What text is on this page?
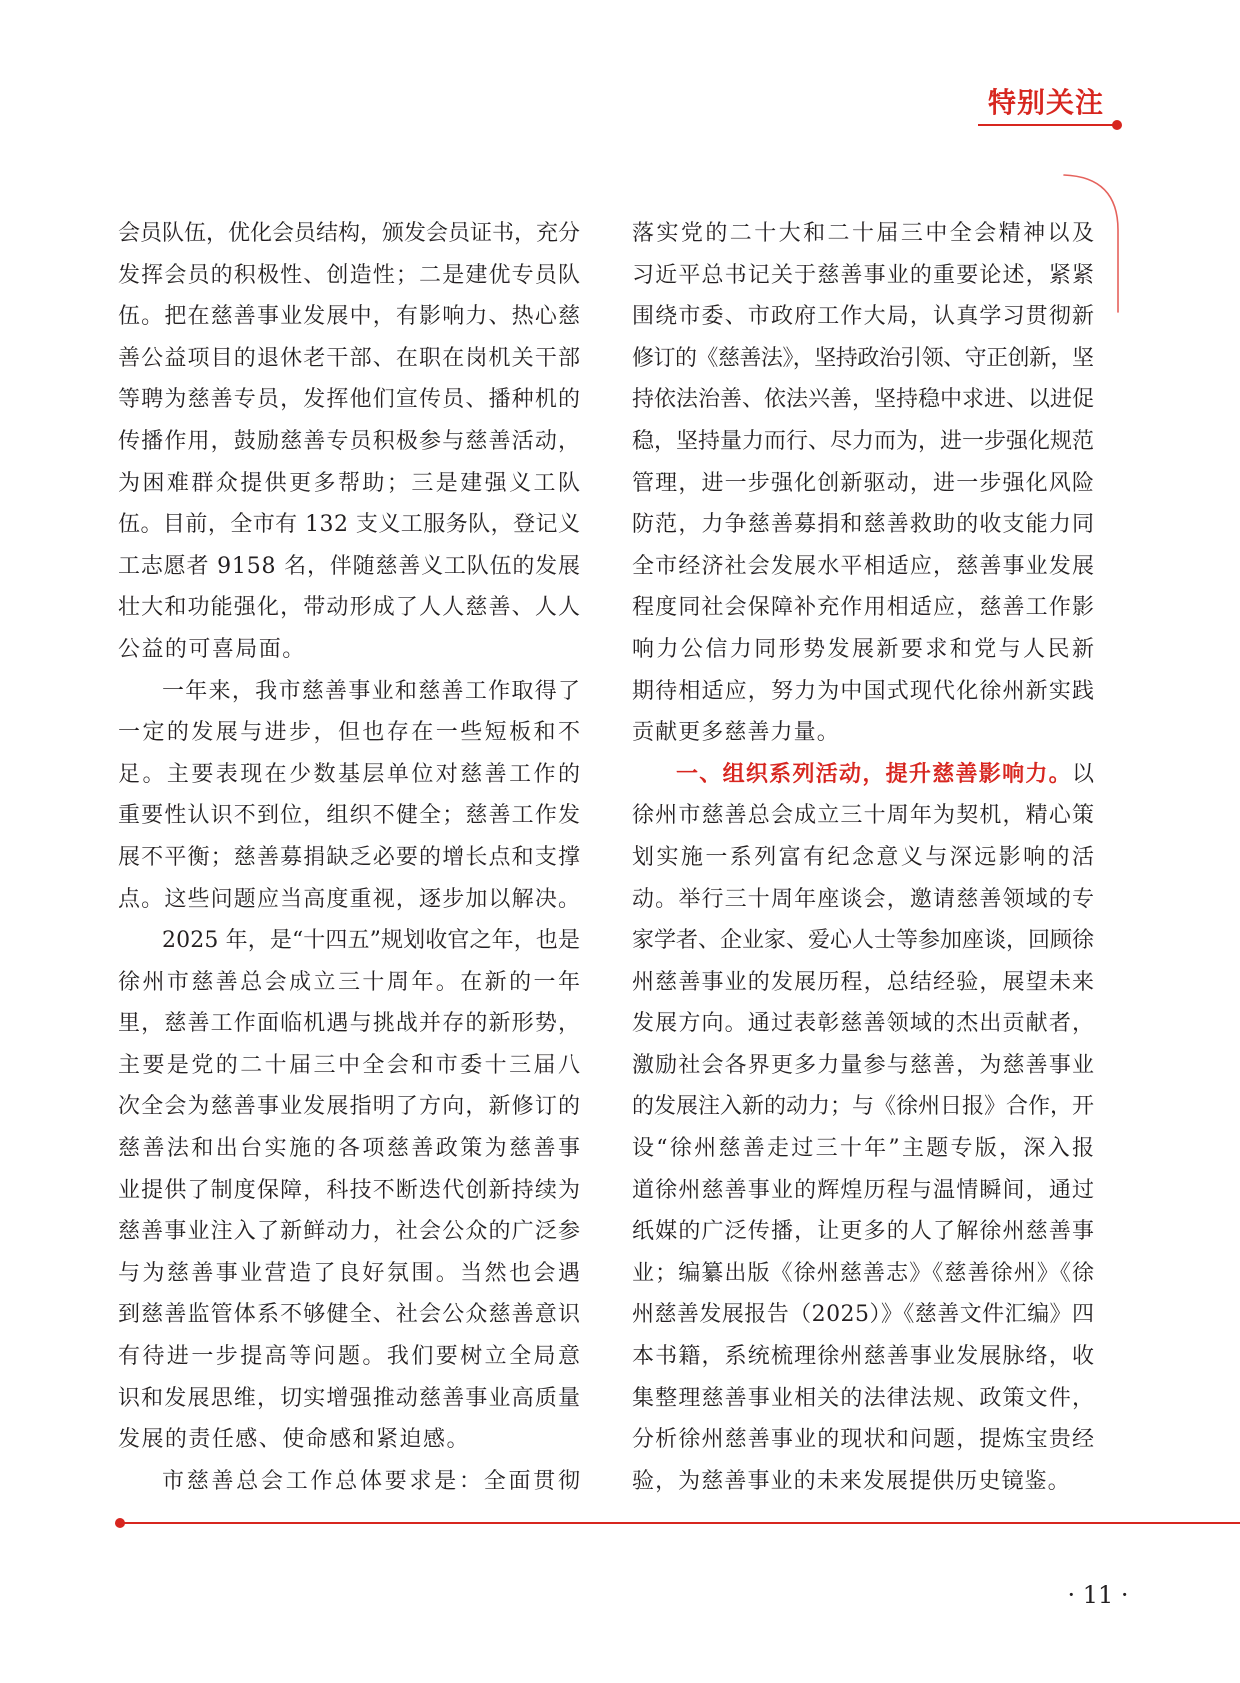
特别关注
会员队伍，优化会员结构，颁发会员证书，充分
发挥会员的积极性、创造性；二是建优专员队
伍。把在慈善事业发展中，有影响力、热心慈
善公益项目的退休老干部、在职在岗机关干部
等聘为慈善专员，发挥他们宣传员、播种机的
传播作用，鼓励慈善专员积极参与慈善活动，
为困难群众提供更多帮助；三是建强义工队
伍。目前，全市有 132 支义工服务队，登记义
工志愿者 9158 名，伴随慈善义工队伍的发展
壮大和功能强化，带动形成了人人慈善、人人
公益的可喜局面。
一年来，我市慈善事业和慈善工作取得了
一定的发展与进步，但也存在一些短板和不
足。主要表现在少数基层单位对慈善工作的
重要性认识不到位，组织不健全；慈善工作发
展不平衡；慈善募捐缺乏必要的增长点和支撑
点。这些问题应当高度重视，逐步加以解决。
2025 年，是“十四五”规划收官之年，也是
徐州市慈善总会成立三十周年。在新的一年
里，慈善工作面临机遇与挑战并存的新形势，
主要是党的二十届三中全会和市委十三届八
次全会为慈善事业发展指明了方向，新修订的
慈善法和出台实施的各项慈善政策为慈善事
业提供了制度保障，科技不断迭代创新持续为
慈善事业注入了新鲜动力，社会公众的广泛参
与为慈善事业营造了良好氛围。当然也会遇
到慈善监管体系不够健全、社会公众慈善意识
有待进一步提高等问题。我们要树立全局意
识和发展思维，切实增强推动慈善事业高质量
发展的责任感、使命感和紧迫感。
市慈善总会工作总体要求是：全面贯彻
落实党的二十大和二十届三中全会精神以及
习近平总书记关于慈善事业的重要论述，紧紧
围绕市委、市政府工作大局，认真学习贯彻新
修订的《慈善法》，坚持政治引领、守正创新，坚
持依法治善、依法兴善，坚持稳中求进、以进促
稳，坚持量力而行、尽力而为，进一步强化规范
管理，进一步强化创新驱动，进一步强化风险
防范，力争慈善募捐和慈善救助的收支能力同
全市经济社会发展水平相适应，慈善事业发展
程度同社会保障补充作用相适应，慈善工作影
响力公信力同形势发展新要求和党与人民新
期待相适应，努力为中国式现代化徐州新实践
贡献更多慈善力量。
一、组织系列活动，提升慈善影响力。以
徐州市慈善总会成立三十周年为契机，精心策
划实施一系列富有纪念意义与深远影响的活
动。举行三十周年座谈会，邀请慈善领域的专
家学者、企业家、爱心人士等参加座谈，回顾徐
州慈善事业的发展历程，总结经验，展望未来
发展方向。通过表彰慈善领域的杰出贡献者，
激励社会各界更多力量参与慈善，为慈善事业
的发展注入新的动力；与《徐州日报》合作，开
设“徐州慈善走过三十年”主题专版，深入报
道徐州慈善事业的辉煌历程与温情瞬间，通过
纸媒的广泛传播，让更多的人了解徐州慈善事
业；编纂出版《徐州慈善志》《慈善徐州》《徐
州慈善发展报告（2025）》《慈善文件汇编》四
本书籍，系统梳理徐州慈善事业发展脉络，收
集整理慈善事业相关的法律法规、政策文件，
分析徐州慈善事业的现状和问题，提炼宝贵经
验，为慈善事业的未来发展提供历史镜鉴。
· 11 ·
